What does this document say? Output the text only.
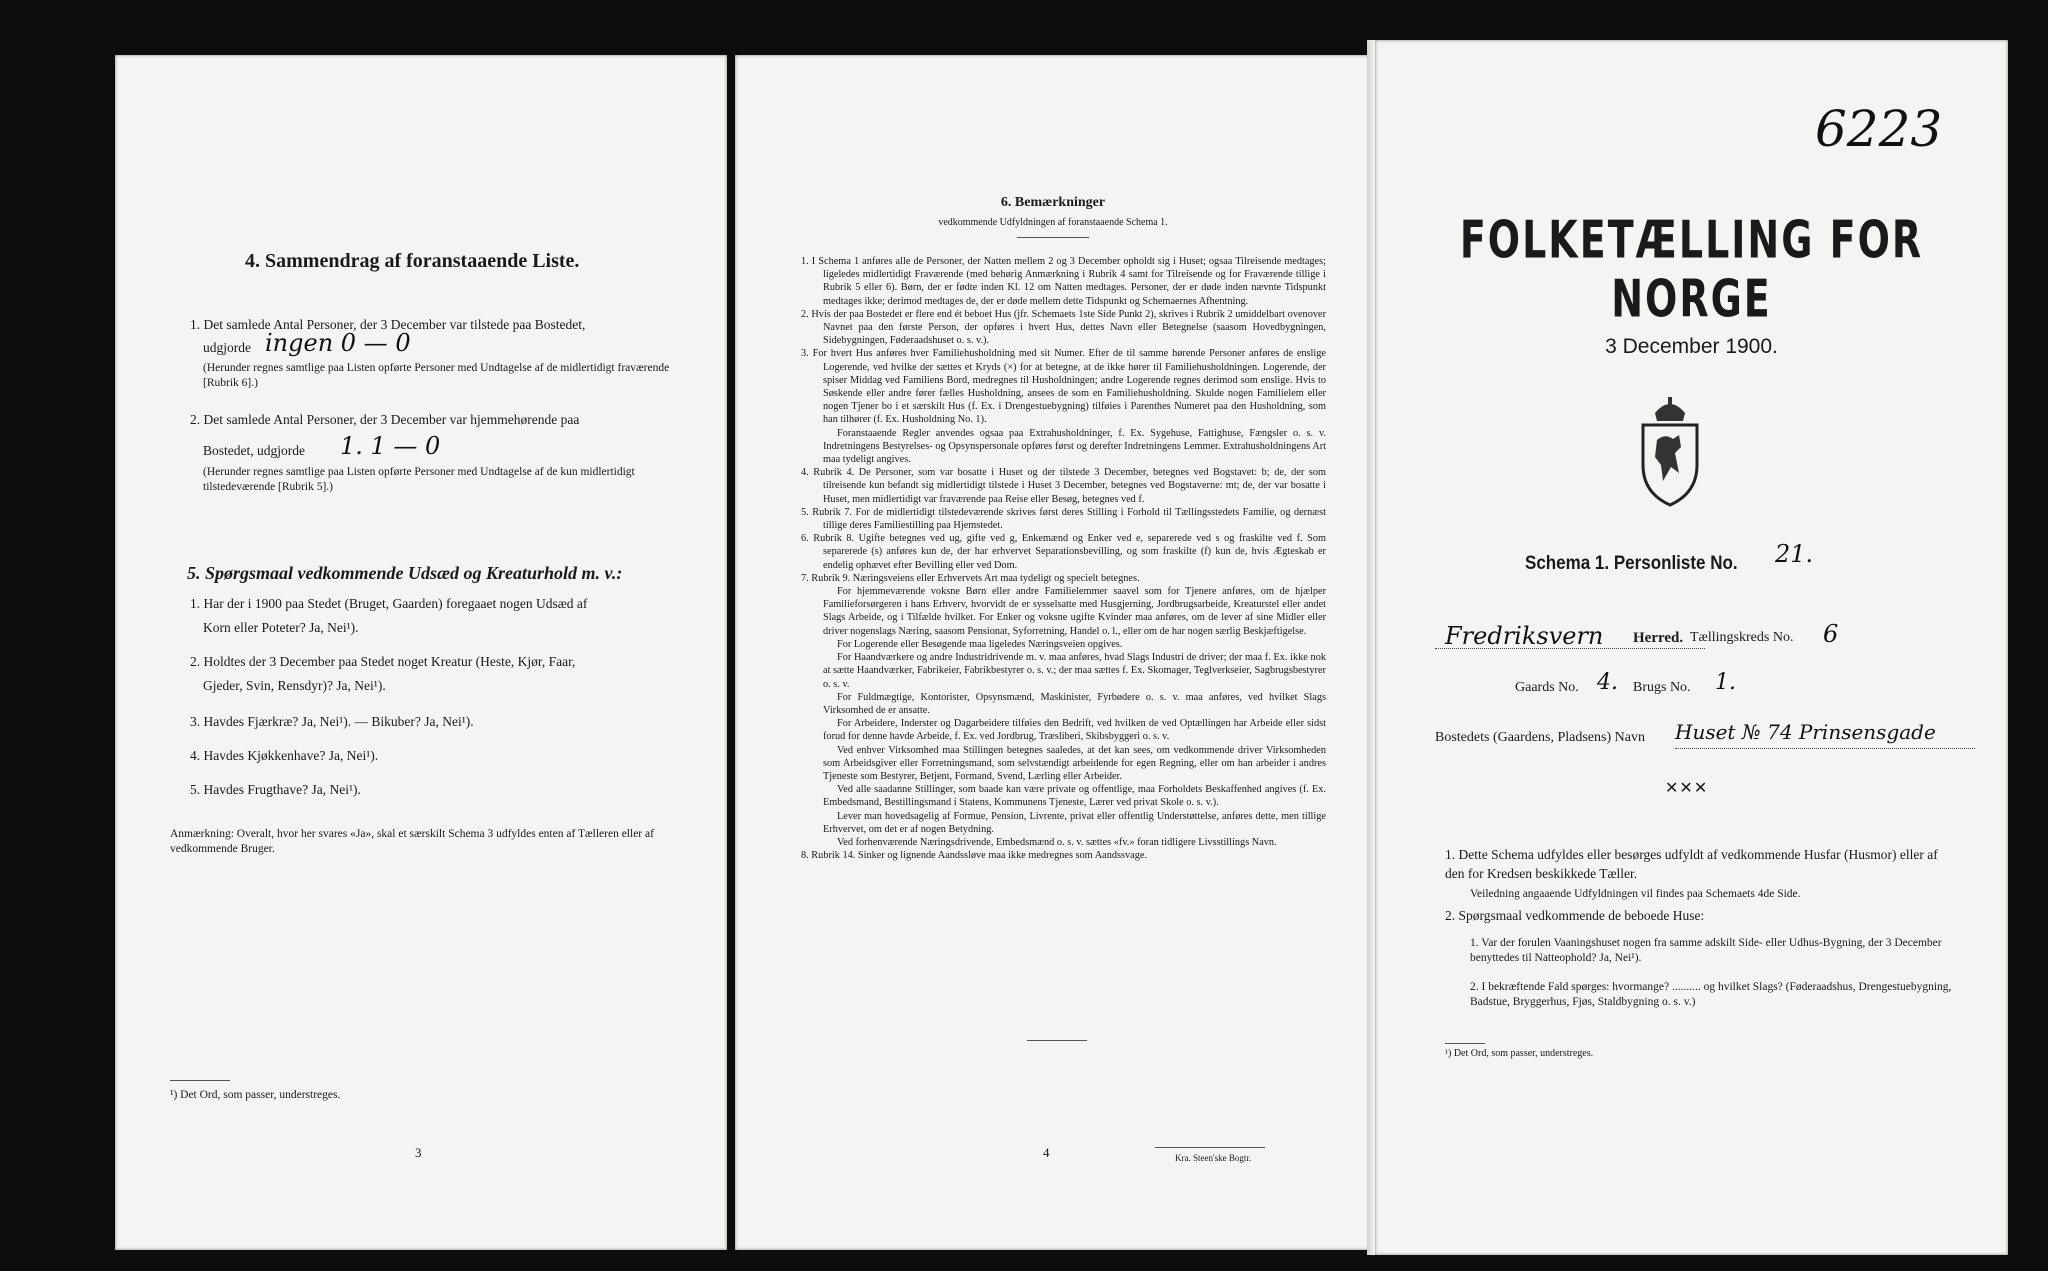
4. Sammendrag af foranstaaende Liste.
1. Det samlede Antal Personer, der 3 December var tilstede paa Bostedet,
udgjorde ingen 0 — 0
(Herunder regnes samtlige paa Listen opførte Personer med Undtagelse af de midlertidigt fraværende [Rubrik 6].)
2. Det samlede Antal Personer, der 3 December var hjemmehørende paa
Bostedet, udgjorde 1. 1 — 0
(Herunder regnes samtlige paa Listen opførte Personer med Undtagelse af de kun midlertidigt tilstedeværende [Rubrik 5].)
5. Spørgsmaal vedkommende Udsæd og Kreaturhold m. v.:
1. Har der i 1900 paa Stedet (Bruget, Gaarden) foregaaet nogen Udsæd af
Korn eller Poteter? Ja, Nei¹).
2. Holdtes der 3 December paa Stedet noget Kreatur (Heste, Kjør, Faar,
Gjeder, Svin, Rensdyr)? Ja, Nei¹).
3. Havdes Fjærkræ? Ja, Nei¹). — Bikuber? Ja, Nei¹).
4. Havdes Kjøkkenhave? Ja, Nei¹).
5. Havdes Frugthave? Ja, Nei¹).
Anmærkning: Overalt, hvor her svares «Ja», skal et særskilt Schema 3 udfyldes enten af Tælleren eller af vedkommende Bruger.
¹) Det Ord, som passer, understreges.
3
6. Bemærkninger
vedkommende Udfyldningen af foranstaaende Schema 1.
1. I Schema 1 anføres alle de Personer, der Natten mellem 2 og 3 December opholdt sig i Huset; ogsaa Tilreisende medtages; ligeledes midlertidigt Fraværende (med behørig Anmærkning i Rubrik 4 samt for Tilreisende og for Fraværende tillige i Rubrik 5 eller 6). Børn, der er fødte inden Kl. 12 om Natten medtages. Personer, der er døde inden nævnte Tidspunkt medtages ikke; derimod medtages de, der er døde mellem dette Tidspunkt og Schemaernes Afhentning.
2. Hvis der paa Bostedet er flere end ét beboet Hus (jfr. Schemaets 1ste Side Punkt 2), skrives i Rubrik 2 umiddelbart ovenover Navnet paa den første Person, der opføres i hvert Hus, dettes Navn eller Betegnelse (saasom Hovedbygningen, Sidebygningen, Føderaadshuset o. s. v.).
3. For hvert Hus anføres hver Familiehusholdning med sit Numer. Efter de til samme hørende Personer anføres de enslige Logerende, ved hvilke der sættes et Kryds (×) for at betegne, at de ikke hører til Familiehusholdningen. Logerende, der spiser Middag ved Familiens Bord, medregnes til Husholdningen; andre Logerende regnes derimod som enslige. Hvis to Søskende eller andre fører fælles Husholdning, ansees de som en Familiehusholdning. Skulde nogen Familielem eller nogen Tjener bo i et særskilt Hus (f. Ex. i Drengestuebygning) tilføies i Parenthes Numeret paa den Husholdning, som han tilhører (f. Ex. Husholdning No. 1).
Foranstaaende Regler anvendes ogsaa paa Extrahusholdninger, f. Ex. Sygehuse, Fattighuse, Fængsler o. s. v. Indretningens Bestyrelses- og Opsynspersonale opføres først og derefter Indretningens Lemmer. Extrahusholdningens Art maa tydeligt angives.
4. Rubrik 4. De Personer, som var bosatte i Huset og der tilstede 3 December, betegnes ved Bogstavet: b; de, der som tilreisende kun befandt sig midlertidigt tilstede i Huset 3 December, betegnes ved Bogstaverne: mt; de, der var bosatte i Huset, men midlertidigt var fraværende paa Reise eller Besøg, betegnes ved f.
5. Rubrik 7. For de midlertidigt tilstedeværende skrives først deres Stilling i Forhold til Tællingsstedets Familie, og dernæst tillige deres Familiestilling paa Hjemstedet.
6. Rubrik 8. Ugifte betegnes ved ug, gifte ved g, Enkemænd og Enker ved e, separerede ved s og fraskilte ved f. Som separerede (s) anføres kun de, der har erhvervet Separationsbevilling, og som fraskilte (f) kun de, hvis Ægteskab er endelig ophævet efter Bevilling eller ved Dom.
7. Rubrik 9. Næringsveiens eller Erhvervets Art maa tydeligt og specielt betegnes.
For hjemmeværende voksne Børn eller andre Familielemmer saavel som for Tjenere anføres, om de hjælper Familieforsørgeren i hans Erhverv, hvorvidt de er sysselsatte med Husgjerning, Jordbrugsarbeide, Kreaturstel eller andet Slags Arbeide, og i Tilfælde hvilket. For Enker og voksne ugifte Kvinder maa anføres, om de lever af sine Midler eller driver nogenslags Næring, saasom Pensionat, Syforretning, Handel o. l., eller om de har nogen særlig Beskjæftigelse.
For Logerende eller Besøgende maa ligeledes Næringsveien opgives.
For Haandværkere og andre Industridrivende m. v. maa anføres, hvad Slags Industri de driver; der maa f. Ex. ikke nok at sætte Haandværker, Fabrikeier, Fabrikbestyrer o. s. v.; der maa sættes f. Ex. Skomager, Teglverkseier, Sagbrugsbestyrer o. s. v.
For Fuldmægtige, Kontorister, Opsynsmænd, Maskinister, Fyrbødere o. s. v. maa anføres, ved hvilket Slags Virksomhed de er ansatte.
For Arbeidere, Inderster og Dagarbeidere tilføies den Bedrift, ved hvilken de ved Optællingen har Arbeide eller sidst forud for denne havde Arbeide, f. Ex. ved Jordbrug, Træsliberi, Skibsbyggeri o. s. v.
Ved enhver Virksomhed maa Stillingen betegnes saaledes, at det kan sees, om vedkommende driver Virksomheden som Arbeidsgiver eller Forretningsmand, som selvstændigt arbeidende for egen Regning, eller om han arbeider i andres Tjeneste som Bestyrer, Betjent, Formand, Svend, Lærling eller Arbeider.
Ved alle saadanne Stillinger, som baade kan være private og offentlige, maa Forholdets Beskaffenhed angives (f. Ex. Embedsmand, Bestillingsmand i Statens, Kommunens Tjeneste, Lærer ved privat Skole o. s. v.).
Lever man hovedsagelig af Formue, Pension, Livrente, privat eller offentlig Understøttelse, anføres dette, men tillige Erhvervet, om det er af nogen Betydning.
Ved forhenværende Næringsdrivende, Embedsmænd o. s. v. sættes «fv.» foran tidligere Livsstillings Navn.
8. Rubrik 14. Sinker og lignende Aandssløve maa ikke medregnes som Aandssvage.
4	Kra. Steen'ske Bogtr.
6223
FOLKETÆLLING FOR NORGE
3 December 1900.
Schema 1. Personliste No. 21.
Fredriksvern Herred. Tællingskreds No. 6
Gaards No. 4. Brugs No. 1.
Bostedets (Gaardens, Pladsens) Navn Huset № 74 Prinsensgade
✕✕✕
1. Dette Schema udfyldes eller besørges udfyldt af vedkommende Husfar (Husmor) eller af den for Kredsen beskikkede Tæller.
Veiledning angaaende Udfyldningen vil findes paa Schemaets 4de Side.
2. Spørgsmaal vedkommende de beboede Huse:
1. Var der forulen Vaaningshuset nogen fra samme adskilt Side- eller Udhus-Bygning, der 3 December benyttedes til Natteophold? Ja, Nei¹).
2. I bekræftende Fald spørges: hvormange? .......... og hvilket Slags? (Føderaadshus, Drengestuebygning, Badstue, Bryggerhus, Fjøs, Staldbygning o. s. v.)
¹) Det Ord, som passer, understreges.
